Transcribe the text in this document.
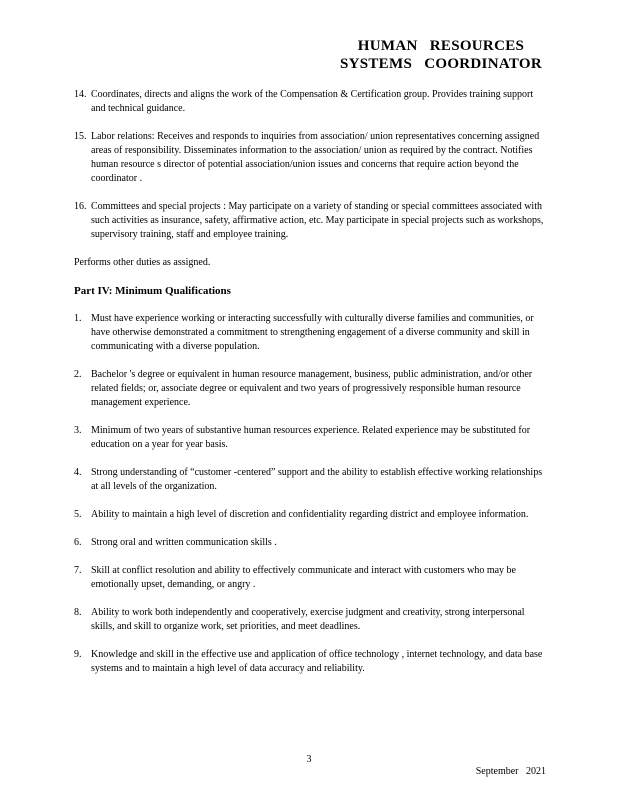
HUMAN   RESOURCES
SYSTEMS   COORDINATOR
14. Coordinates, directs and aligns the work of the Compensation & Certification group. Provides training support and technical guidance.
15. Labor relations: Receives and responds to inquiries from association/ union representatives concerning assigned areas of responsibility. Disseminates information to the association/ union as required by the contract. Notifies human resource s director of potential association/union issues and concerns that require action beyond the coordinator .
16. Committees and special projects : May participate on a variety of standing or special committees associated with such activities as insurance, safety, affirmative action, etc. May participate in special projects such as workshops, supervisory training, staff and employee training.
Performs other duties as assigned.
Part IV: Minimum Qualifications
1. Must have experience working or interacting successfully with culturally diverse families and communities, or have otherwise demonstrated a commitment to strengthening engagement of a diverse community and skill in communicating with a diverse population.
2. Bachelor 's degree or equivalent in human resource management, business, public administration, and/or other related fields; or, associate degree or equivalent and two years of progressively responsible human resource management experience.
3. Minimum of two years of substantive human resources experience. Related experience may be substituted for education on a year for year basis.
4. Strong understanding of “customer -centered” support and the ability to establish effective working relationships at all levels of the organization.
5. Ability to maintain a high level of discretion and confidentiality regarding district and employee information.
6. Strong oral and written communication skills .
7. Skill at conflict resolution and ability to effectively communicate and interact with customers who may be emotionally upset, demanding, or angry .
8. Ability to work both independently and cooperatively, exercise judgment and creativity, strong interpersonal skills, and skill to organize work, set priorities, and meet deadlines.
9. Knowledge and skill in the effective use and application of office technology , internet technology, and data base systems and to maintain a high level of data accuracy and reliability.
3
September   2021
